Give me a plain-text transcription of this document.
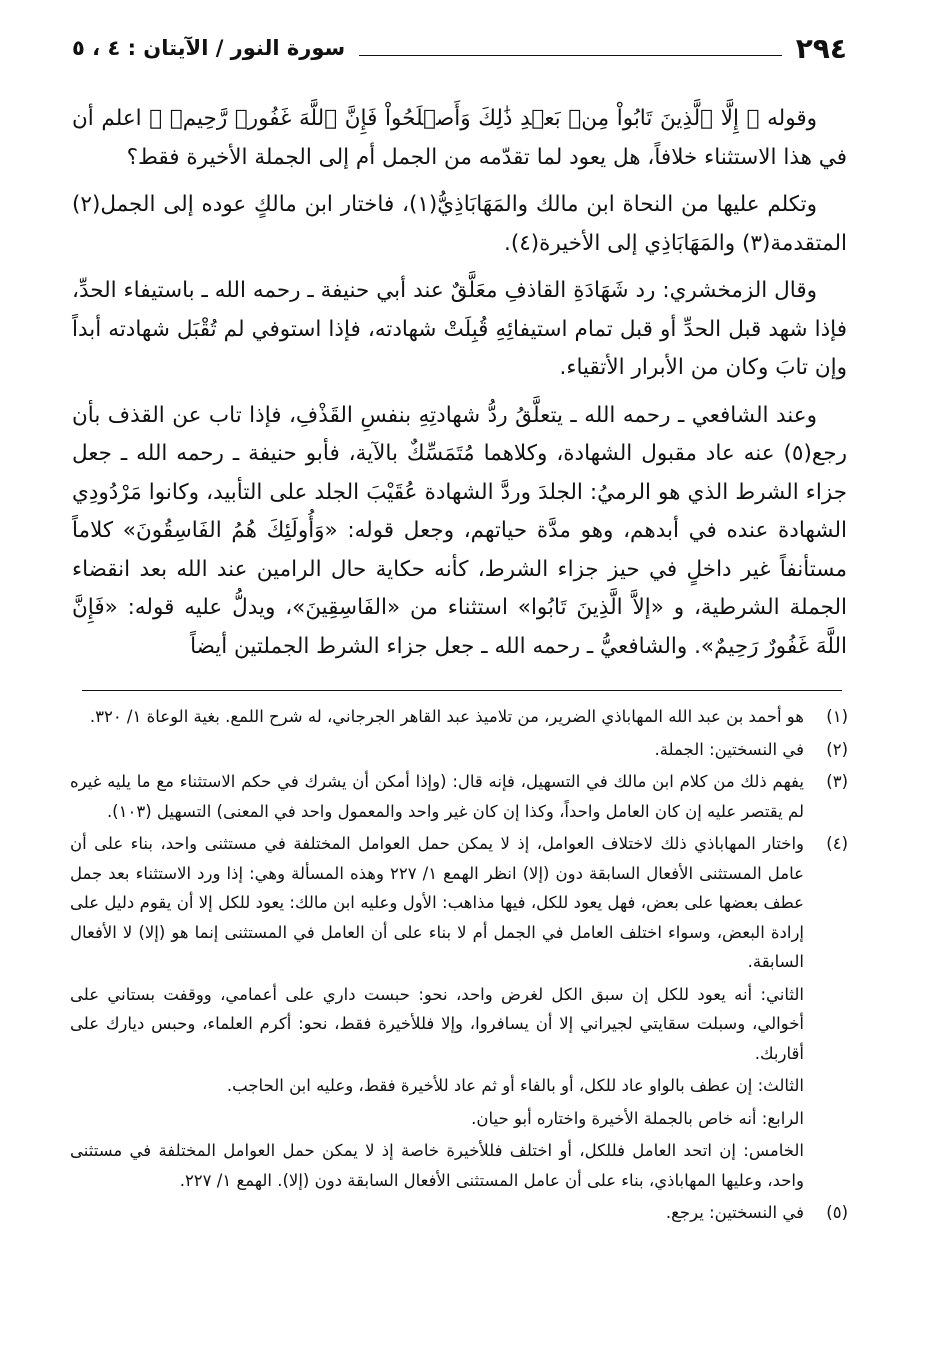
٢٩٤
سورة النور / الآيتان : ٤ ، ٥

وقوله ﴿ إِلَّا ٱلَّذِينَ تَابُواْ مِنۢ بَعۡدِ ذَٰلِكَ وَأَصۡلَحُواْ فَإِنَّ ٱللَّهَ غَفُورٞ رَّحِيمٞ ﴾ اعلم أن في هذا الاستثناء خلافاً، هل يعود لما تقدّمه من الجمل أم إلى الجملة الأخيرة فقط؟

وتكلم عليها من النحاة ابن مالك والمَهَابَاذِيُّ(١)، فاختار ابن مالكٍ عوده إلى الجمل(٢) المتقدمة(٣) والمَهَابَاذِي إلى الأخيرة(٤).

وقال الزمخشري: رد شَهَادَةِ القاذفِ معَلَّقٌ عند أبي حنيفة ـ رحمه الله ـ باستيفاء الحدِّ، فإذا شهد قبل الحدِّ أو قبل تمام استيفائِهِ قُبِلَتْ شهادته، فإذا استوفي لم تُقْبَل شهادته أبداً وإن تابَ وكان من الأبرار الأتقياء.

وعند الشافعي ـ رحمه الله ـ يتعلَّقُ ردُّ شهادتِهِ بنفسِ القَذْفِ، فإذا تاب عن القذف بأن رجع(٥) عنه عاد مقبول الشهادة، وكلاهما مُتَمَسِّكٌ بالآية، فأبو حنيفة ـ رحمه الله ـ جعل جزاء الشرط الذي هو الرميُ: الجلدَ وردَّ الشهادة عُقَيْبَ الجلد على التأبيد، وكانوا مَرْدُودِي الشهادة عنده في أبدهم، وهو مدَّة حياتهم، وجعل قوله: «وَأُولَئِكَ هُمُ الفَاسِقُونَ» كلاماً مستأنفاً غير داخلٍ في حيز جزاء الشرط، كأنه حكاية حال الرامين عند الله بعد انقضاء الجملة الشرطية، و «إلاَّ الَّذِينَ تَابُوا» استثناء من «الفَاسِقِينَ»، ويدلُّ عليه قوله: «فَإِنَّ اللَّهَ غَفُورٌ رَحِيمٌ». والشافعيُّ ـ رحمه الله ـ جعل جزاء الشرط الجملتين أيضاً

(١)
هو أحمد بن عبد الله المهاباذي الضرير، من تلاميذ عبد القاهر الجرجاني، له شرح اللمع. بغية الوعاة ١/ ٣٢٠.
(٢)
في النسختين: الجملة.
(٣)
يفهم ذلك من كلام ابن مالك في التسهيل، فإنه قال: (وإذا أمكن أن يشرك في حكم الاستثناء مع ما يليه غيره لم يقتصر عليه إن كان العامل واحداً، وكذا إن كان غير واحد والمعمول واحد في المعنى) التسهيل (١٠٣).
(٤)
واختار المهاباذي ذلك لاختلاف العوامل، إذ لا يمكن حمل العوامل المختلفة في مستثنى واحد، بناء على أن عامل المستثنى الأفعال السابقة دون (إلا) انظر الهمع ١/ ٢٢٧ وهذه المسألة وهي: إذا ورد الاستثناء بعد جمل عطف بعضها على بعض، فهل يعود للكل، فيها مذاهب: الأول وعليه ابن مالك: يعود للكل إلا أن يقوم دليل على إرادة البعض، وسواء اختلف العامل في الجمل أم لا بناء على أن العامل في المستثنى إنما هو (إلا) لا الأفعال السابقة.
الثاني: أنه يعود للكل إن سبق الكل لغرض واحد، نحو: حبست داري على أعمامي، ووقفت بستاني على أخوالي، وسبلت سقايتي لجيراني إلا أن يسافروا، وإلا فللأخيرة فقط، نحو: أكرم العلماء، وحبس ديارك على أقاربك.
الثالث: إن عطف بالواو عاد للكل، أو بالفاء أو ثم عاد للأخيرة فقط، وعليه ابن الحاجب.
الرابع: أنه خاص بالجملة الأخيرة واختاره أبو حيان.
الخامس: إن اتحد العامل فللكل، أو اختلف فللأخيرة خاصة إذ لا يمكن حمل العوامل المختلفة في مستثنى واحد، وعليها المهاباذي، بناء على أن عامل المستثنى الأفعال السابقة دون (إلا). الهمع ١/ ٢٢٧.
(٥)
في النسختين: يرجع.
